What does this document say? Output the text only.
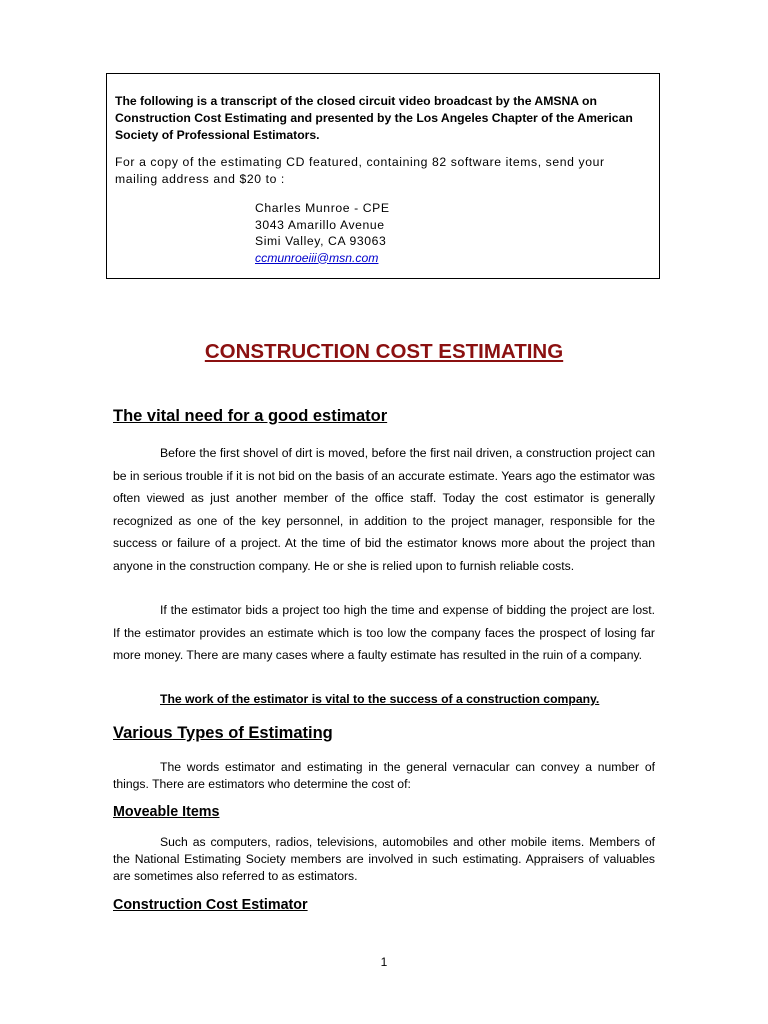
The following is a transcript of the closed circuit video broadcast by the AMSNA on Construction Cost Estimating and presented by the Los Angeles Chapter of the American Society of Professional Estimators.

For a copy of the estimating CD featured, containing 82 software items, send your mailing address and $20 to :

Charles Munroe - CPE
3043 Amarillo Avenue
Simi Valley, CA 93063
ccmunroeiii@msn.com
CONSTRUCTION COST ESTIMATING
The vital need for a good estimator

Before the first shovel of dirt is moved, before the first nail driven, a construction project can be in serious trouble if it is not bid on the basis of an accurate estimate. Years ago the estimator was often viewed as just another member of the office staff. Today the cost estimator is generally recognized as one of the key personnel, in addition to the project manager, responsible for the success or failure of a project. At the time of bid the estimator knows more about the project than anyone in the construction company. He or she is relied upon to furnish reliable costs.

If the estimator bids a project too high the time and expense of bidding the project are lost. If the estimator provides an estimate which is too low the company faces the prospect of losing far more money. There are many cases where a faulty estimate has resulted in the ruin of a company.

The work of the estimator is vital to the success of a construction company.

Various Types of Estimating

The words estimator and estimating in the general vernacular can convey a number of things. There are estimators who determine the cost of:

Moveable Items

Such as computers, radios, televisions, automobiles and other mobile items. Members of the National Estimating Society members are involved in such estimating. Appraisers of valuables are sometimes also referred to as estimators.

Construction Cost Estimator

1
